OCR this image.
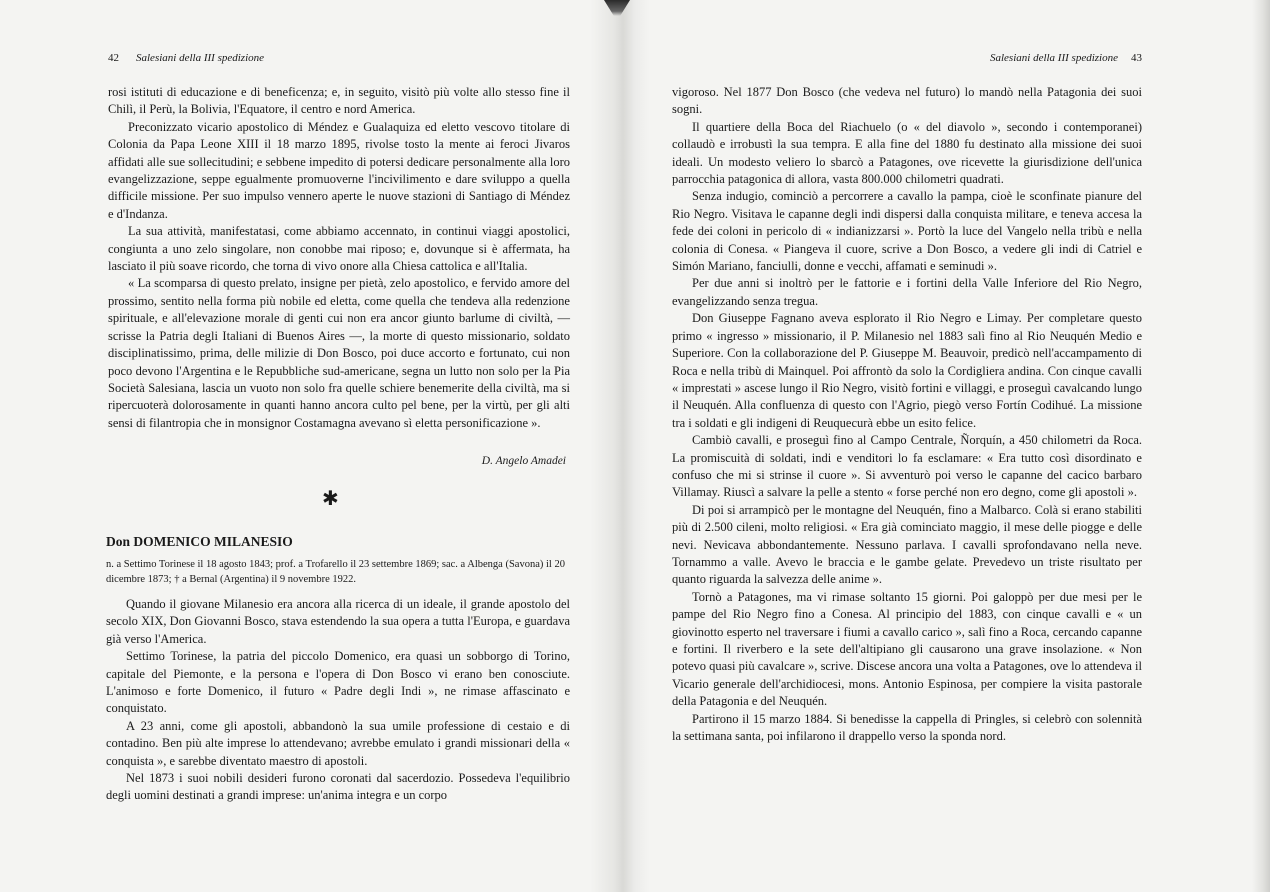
42 Salesiani della III spedizione

rosi istituti di educazione e di beneficenza; e, in seguito, visitò più volte allo stesso fine il Chilì, il Perù, la Bolivia, l'Equatore, il centro e nord America.

Preconizzato vicario apostolico di Méndez e Gualaquiza ed eletto vescovo titolare di Colonia da Papa Leone XIII il 18 marzo 1895, rivolse tosto la mente ai feroci Jivaros affidati alle sue sollecitudini; e sebbene impedito di potersi dedicare personalmente alla loro evangelizzazione, seppe egualmente promuoverne l'incivilimento e dare sviluppo a quella difficile missione. Per suo impulso vennero aperte le nuove stazioni di Santiago di Méndez e d'Indanza.

La sua attività, manifestatasi, come abbiamo accennato, in continui viaggi apostolici, congiunta a uno zelo singolare, non conobbe mai riposo; e, dovunque si è affermata, ha lasciato il più soave ricordo, che torna di vivo onore alla Chiesa cattolica e all'Italia.

« La scomparsa di questo prelato, insigne per pietà, zelo apostolico, e fervido amore del prossimo, sentito nella forma più nobile ed eletta, come quella che tendeva alla redenzione spirituale, e all'elevazione morale di genti cui non era ancor giunto barlume di civiltà, — scrisse la Patria degli Italiani di Buenos Aires —, la morte di questo missionario, soldato disciplinatissimo, prima, delle milizie di Don Bosco, poi duce accorto e fortunato, cui non poco devono l'Argentina e le Repubbliche sud-americane, segna un lutto non solo per la Pia Società Salesiana, lascia un vuoto non solo fra quelle schiere benemerite della civiltà, ma si ripercuoterà dolorosamente in quanti hanno ancora culto pel bene, per la virtù, per gli alti sensi di filantropia che in monsignor Costamagna avevano sì eletta personificazione ».

D. Angelo Amadei
✱
Don DOMENICO MILANESIO
n. a Settimo Torinese il 18 agosto 1843; prof. a Trofarello il 23 settembre 1869; sac. a Albenga (Savona) il 20 dicembre 1873; † a Bernal (Argentina) il 9 novembre 1922.

Quando il giovane Milanesio era ancora alla ricerca di un ideale, il grande apostolo del secolo XIX, Don Giovanni Bosco, stava estendendo la sua opera a tutta l'Europa, e guardava già verso l'America.

Settimo Torinese, la patria del piccolo Domenico, era quasi un sobborgo di Torino, capitale del Piemonte, e la persona e l'opera di Don Bosco vi erano ben conosciute. L'animoso e forte Domenico, il futuro « Padre degli Indi », ne rimase affascinato e conquistato.

A 23 anni, come gli apostoli, abbandonò la sua umile professione di cestaio e di contadino. Ben più alte imprese lo attendevano; avrebbe emulato i grandi missionari della « conquista », e sarebbe diventato maestro di apostoli.

Nel 1873 i suoi nobili desideri furono coronati dal sacerdozio. Possedeva l'equilibrio degli uomini destinati a grandi imprese: un'anima integra e un corpo

Salesiani della III spedizione 43

vigoroso. Nel 1877 Don Bosco (che vedeva nel futuro) lo mandò nella Patagonia dei suoi sogni.

Il quartiere della Boca del Riachuelo (o « del diavolo », secondo i contemporanei) collaudò e irrobustì la sua tempra. E alla fine del 1880 fu destinato alla missione dei suoi ideali. Un modesto veliero lo sbarcò a Patagones, ove ricevette la giurisdizione dell'unica parrocchia patagonica di allora, vasta 800.000 chilometri quadrati.

Senza indugio, cominciò a percorrere a cavallo la pampa, cioè le sconfinate pianure del Rio Negro. Visitava le capanne degli indi dispersi dalla conquista militare, e teneva accesa la fede dei coloni in pericolo di « indianizzarsi ». Portò la luce del Vangelo nella tribù e nella colonia di Conesa. « Piangeva il cuore, scrive a Don Bosco, a vedere gli indi di Catriel e Simón Mariano, fanciulli, donne e vecchi, affamati e seminudi ».

Per due anni si inoltrò per le fattorie e i fortini della Valle Inferiore del Rio Negro, evangelizzando senza tregua.

Don Giuseppe Fagnano aveva esplorato il Rio Negro e Limay. Per completare questo primo « ingresso » missionario, il P. Milanesio nel 1883 salì fino al Rio Neuquén Medio e Superiore. Con la collaborazione del P. Giuseppe M. Beauvoir, predicò nell'accampamento di Roca e nella tribù di Mainquel. Poi affrontò da solo la Cordigliera andina. Con cinque cavalli « imprestati » ascese lungo il Rio Negro, visitò fortini e villaggi, e proseguì cavalcando lungo il Neuquén. Alla confluenza di questo con l'Agrio, piegò verso Fortín Codihué. La missione tra i soldati e gli indigeni di Reuquecurà ebbe un esito felice.

Cambiò cavalli, e proseguì fino al Campo Centrale, Ñorquín, a 450 chilometri da Roca. La promiscuità di soldati, indi e venditori lo fa esclamare: « Era tutto così disordinato e confuso che mi si strinse il cuore ». Si avventurò poi verso le capanne del cacico barbaro Villamay. Riuscì a salvare la pelle a stento « forse perché non ero degno, come gli apostoli ».

Di poi si arrampicò per le montagne del Neuquén, fino a Malbarco. Colà si erano stabiliti più di 2.500 cileni, molto religiosi. « Era già cominciato maggio, il mese delle piogge e delle nevi. Nevicava abbondantemente. Nessuno parlava. I cavalli sprofondavano nella neve. Tornammo a valle. Avevo le braccia e le gambe gelate. Prevedevo un triste risultato per quanto riguarda la salvezza delle anime ».

Tornò a Patagones, ma vi rimase soltanto 15 giorni. Poi galoppò per due mesi per le pampe del Rio Negro fino a Conesa. Al principio del 1883, con cinque cavalli e « un giovinotto esperto nel traversare i fiumi a cavallo carico », salì fino a Roca, cercando capanne e fortini. Il riverbero e la sete dell'altipiano gli causarono una grave insolazione. « Non potevo quasi più cavalcare », scrive. Discese ancora una volta a Patagones, ove lo attendeva il Vicario generale dell'archidiocesi, mons. Antonio Espinosa, per compiere la visita pastorale della Patagonia e del Neuquén.

Partirono il 15 marzo 1884. Si benedisse la cappella di Pringles, si celebrò con solennità la settimana santa, poi infilarono il drappello verso la sponda nord.
